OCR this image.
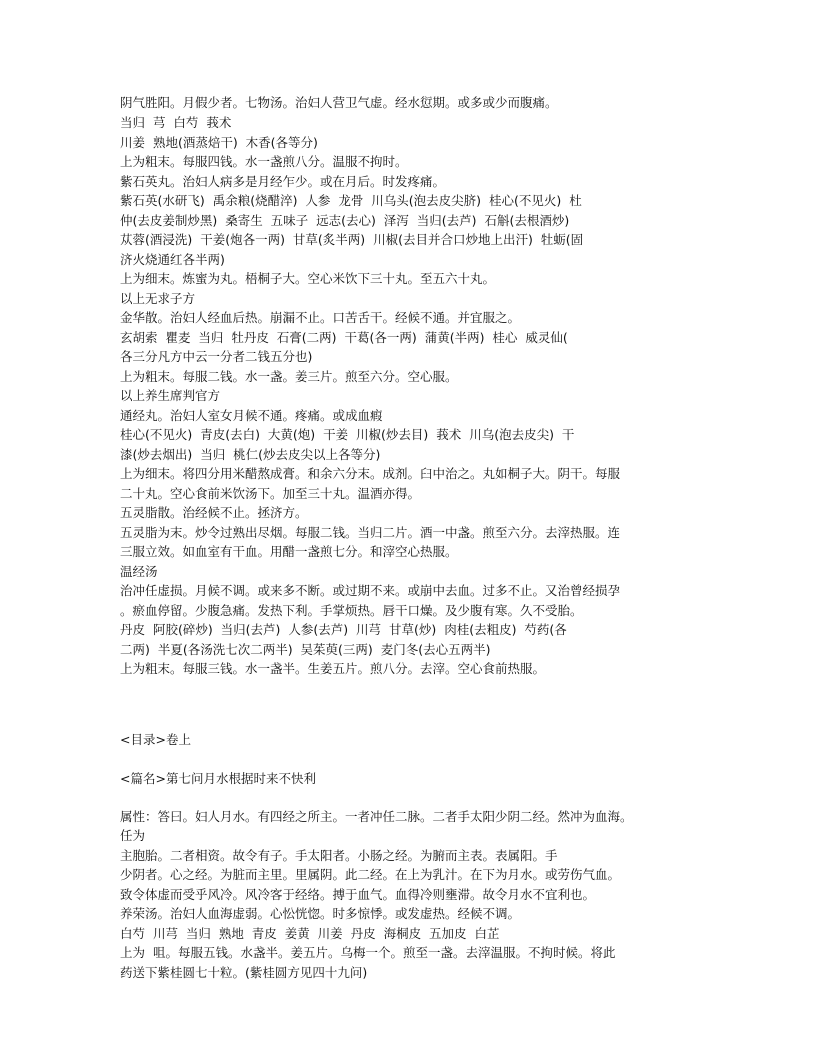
阴气胜阳。月假少者。七物汤。治妇人营卫气虚。经水愆期。或多或少而腹痛。
当归  芎  白芍  莪术
川姜  熟地(酒蒸焙干)  木香(各等分)
上为粗末。每服四钱。水一盏煎八分。温服不拘时。
紫石英丸。治妇人病多是月经乍少。或在月后。时发疼痛。
紫石英(水研飞)  禹余粮(烧醋淬)  人参  龙骨  川乌头(泡去皮尖脐)  桂心(不见火)  杜
仲(去皮姜制炒黑)  桑寄生  五味子  远志(去心)  泽泻  当归(去芦)  石斛(去根酒炒)
苁蓉(酒浸洗)  干姜(炮各一两)  甘草(炙半两)  川椒(去目并合口炒地上出汗)  牡蛎(固
济火烧通红各半两)
上为细末。炼蜜为丸。梧桐子大。空心米饮下三十丸。至五六十丸。
以上无求子方
金华散。治妇人经血后热。崩漏不止。口苦舌干。经候不通。并宜服之。
玄胡索  瞿麦  当归  牡丹皮  石膏(二两)  干葛(各一两)  蒲黄(半两)  桂心  威灵仙(
各三分凡方中云一分者二钱五分也)
上为粗末。每服二钱。水一盏。姜三片。煎至六分。空心服。
以上养生席判官方
通经丸。治妇人室女月候不通。疼痛。或成血瘕
桂心(不见火)  青皮(去白)  大黄(炮)  干姜  川椒(炒去目)  莪术  川乌(泡去皮尖)  干
漆(炒去烟出)  当归  桃仁(炒去皮尖以上各等分)
上为细末。将四分用米醋熬成膏。和余六分末。成剂。臼中治之。丸如桐子大。阴干。每服
二十丸。空心食前米饮汤下。加至三十丸。温酒亦得。
五灵脂散。治经候不止。拯济方。
五灵脂为末。炒令过熟出尽烟。每服二钱。当归二片。酒一中盏。煎至六分。去滓热服。连
三服立效。如血室有干血。用醋一盏煎七分。和滓空心热服。
温经汤
治冲任虚损。月候不调。或来多不断。或过期不来。或崩中去血。过多不止。又治曾经损孕
。瘀血停留。少腹急痛。发热下利。手掌烦热。唇干口燥。及少腹有寒。久不受胎。
丹皮  阿胶(碎炒)  当归(去芦)  人参(去芦)  川芎  甘草(炒)  肉桂(去粗皮)  芍药(各
二两)  半夏(各汤洗七次二两半)  吴茱萸(三两)  麦门冬(去心五两半)
上为粗末。每服三钱。水一盏半。生姜五片。煎八分。去滓。空心食前热服。
<目录>卷上
<篇名>第七问月水根据时来不快利
属性：答曰。妇人月水。有四经之所主。一者冲任二脉。二者手太阳少阴二经。然冲为血海。
任为
主胞胎。二者相资。故令有子。手太阳者。小肠之经。为腑而主表。表属阳。手
少阴者。心之经。为脏而主里。里属阴。此二经。在上为乳汁。在下为月水。或劳伤气血。
致令体虚而受乎风冷。风冷客于经络。搏于血气。血得冷则壅滞。故令月水不宜利也。
养荣汤。治妇人血海虚弱。心忪恍惚。时多惊悸。或发虚热。经候不调。
白芍  川芎  当归  熟地  青皮  姜黄  川姜  丹皮  海桐皮  五加皮  白芷
上为  咀。每服五钱。水盏半。姜五片。乌梅一个。煎至一盏。去滓温服。不拘时候。将此
药送下紫桂圆七十粒。(紫桂圆方见四十九问)
